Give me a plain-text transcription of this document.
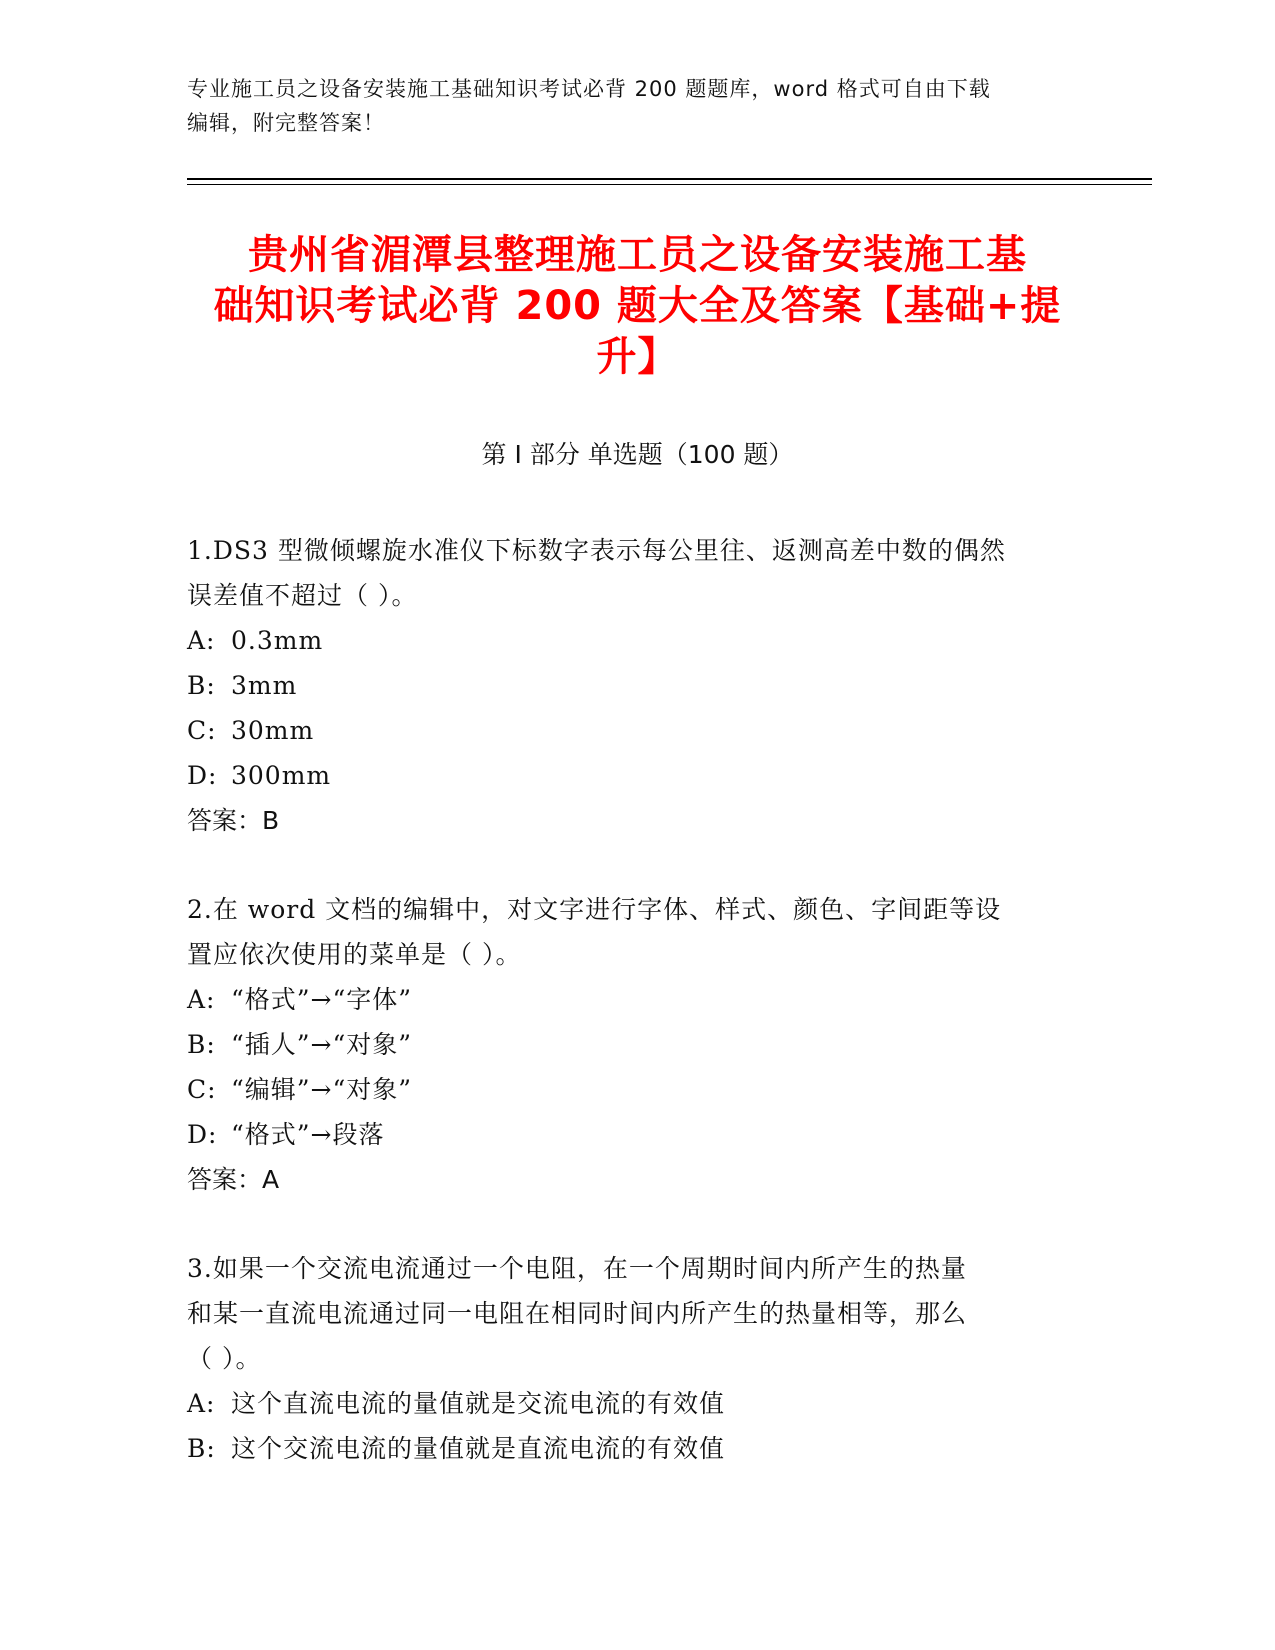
专业施工员之设备安装施工基础知识考试必背 200 题题库，word 格式可自由下载
编辑，附完整答案！
贵州省湄潭县整理施工员之设备安装施工基
础知识考试必背 200 题大全及答案【基础+提
升】
第 I 部分 单选题（100 题）
1.DS3 型微倾螺旋水准仪下标数字表示每公里往、返测高差中数的偶然
误差值不超过（ ）。
A: 0.3mm
B: 3mm
C: 30mm
D: 300mm
答案：B
2.在 word 文档的编辑中，对文字进行字体、样式、颜色、字间距等设
置应依次使用的菜单是（ ）。
A: “格式”→“字体”
B: “插人”→“对象”
C: “编辑”→“对象”
D: “格式”→段落
答案：A
3.如果一个交流电流通过一个电阻，在一个周期时间内所产生的热量
和某一直流电流通过同一电阻在相同时间内所产生的热量相等，那么
（ ）。
A: 这个直流电流的量值就是交流电流的有效值
B: 这个交流电流的量值就是直流电流的有效值
